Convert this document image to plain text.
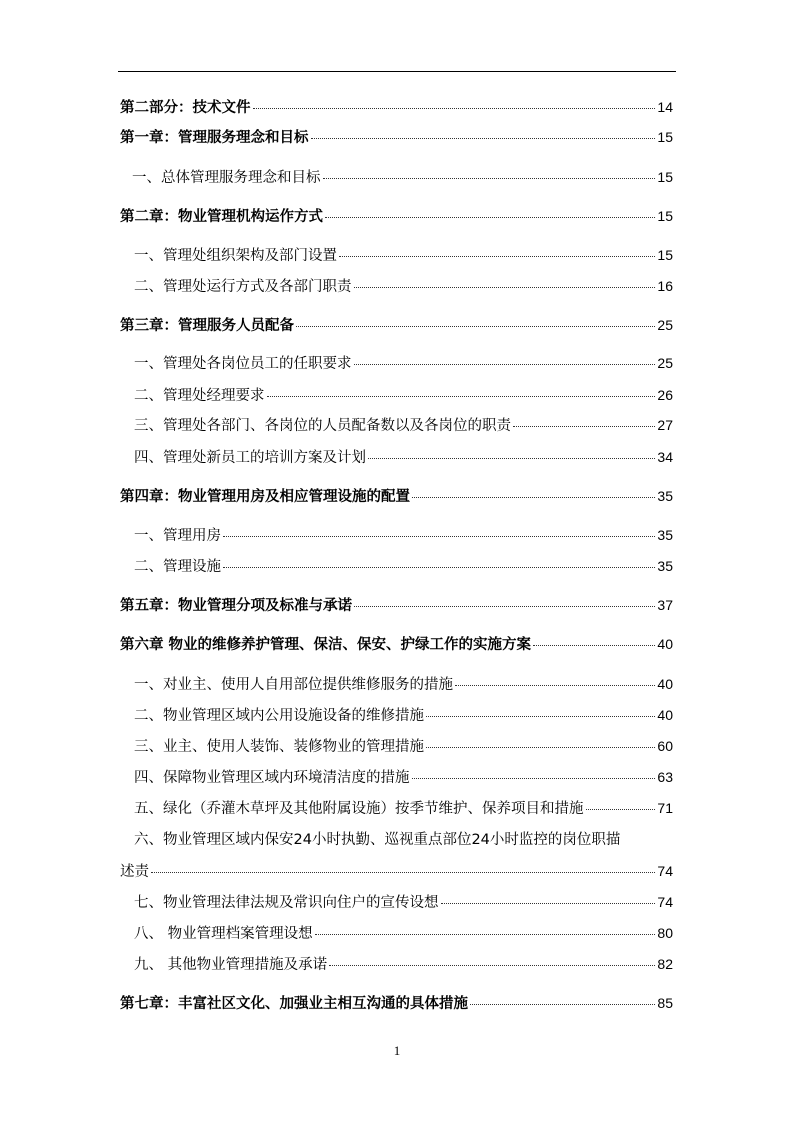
第二部分：技术文件	14
第一章：管理服务理念和目标	15
一、总体管理服务理念和目标	15
第二章：物业管理机构运作方式	15
一、管理处组织架构及部门设置	15
二、管理处运行方式及各部门职责	16
第三章：管理服务人员配备	25
一、管理处各岗位员工的任职要求	25
二、管理处经理要求	26
三、管理处各部门、各岗位的人员配备数以及各岗位的职责	27
四、管理处新员工的培训方案及计划	34
第四章：物业管理用房及相应管理设施的配置	35
一、管理用房	35
二、管理设施	35
第五章：物业管理分项及标准与承诺	37
第六章 物业的维修养护管理、保洁、保安、护绿工作的实施方案	40
一、对业主、使用人自用部位提供维修服务的措施	40
二、物业管理区域内公用设施设备的维修措施	40
三、业主、使用人装饰、装修物业的管理措施	60
四、保障物业管理区域内环境清洁度的措施	63
五、绿化（乔灌木草坪及其他附属设施）按季节维护、保养项目和措施	71
六、物业管理区域内保安24小时执勤、巡视重点部位24小时监控的岗位职描
述责	74
七、物业管理法律法规及常识向住户的宣传设想	74
八、 物业管理档案管理设想	80
九、 其他物业管理措施及承诺	82
第七章：丰富社区文化、加强业主相互沟通的具体措施	85
1
